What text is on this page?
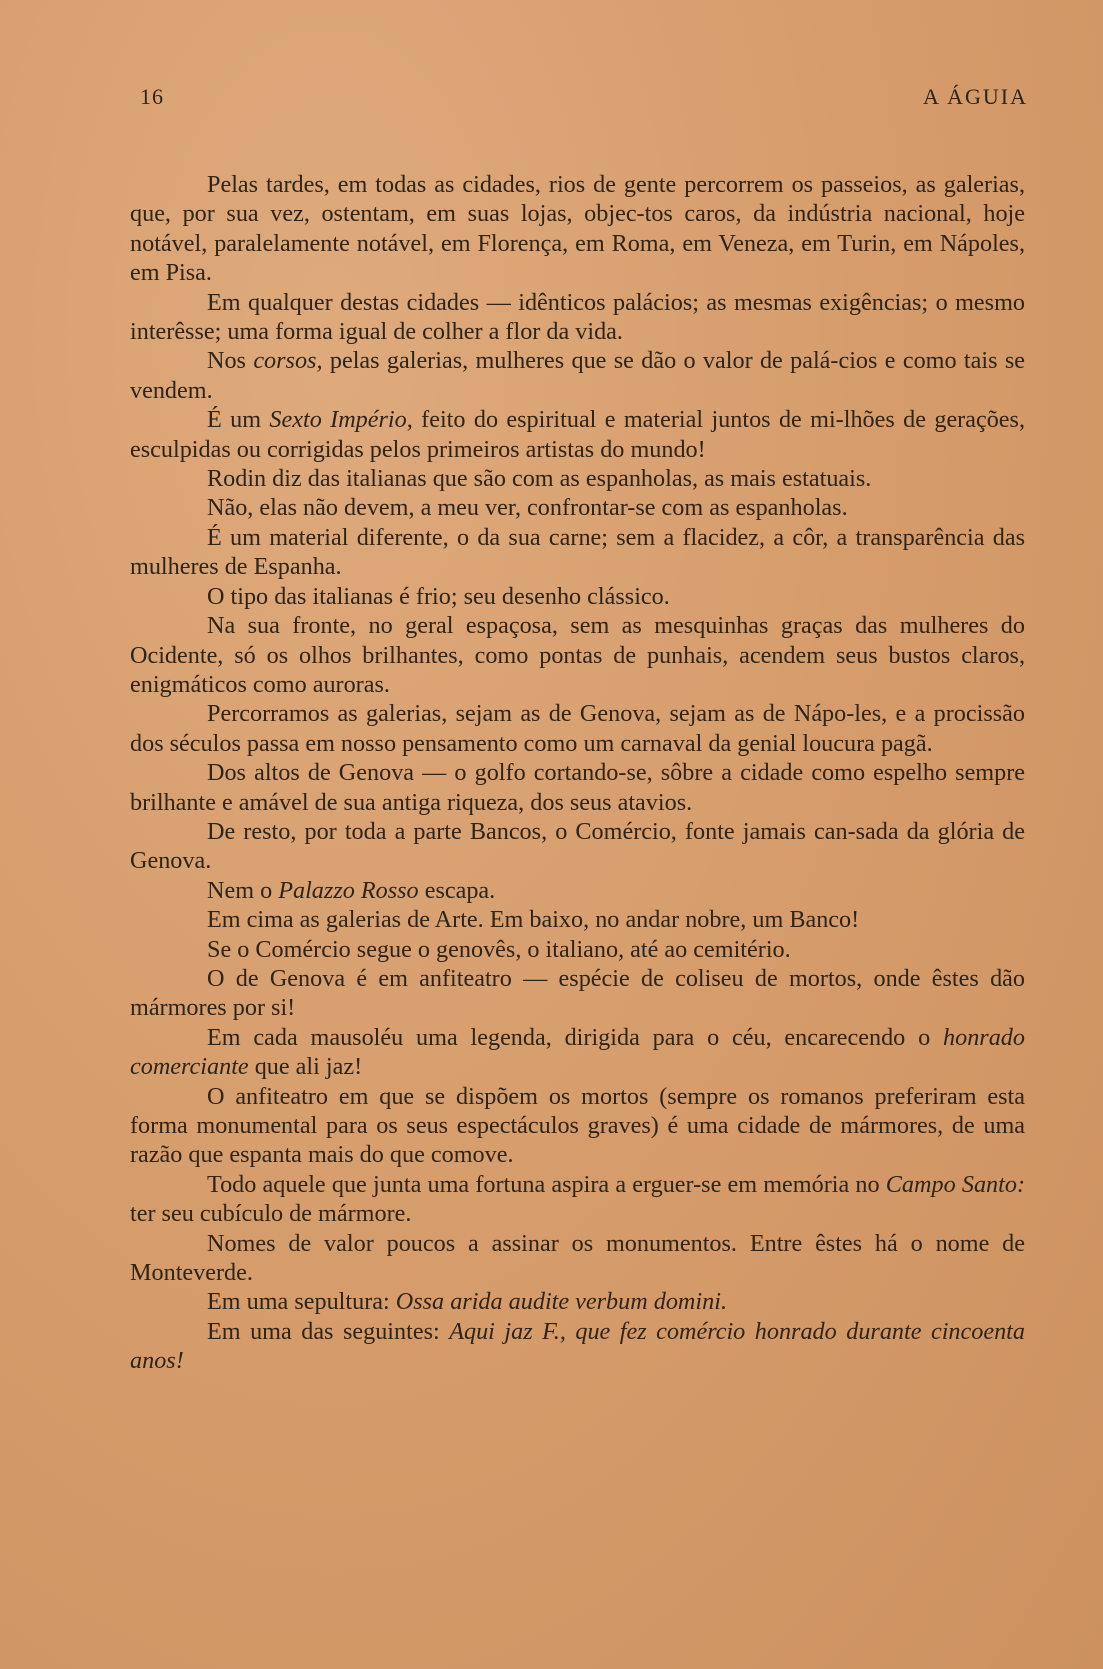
16	A ÁGUIA

Pelas tardes, em todas as cidades, rios de gente percorrem os passeios, as galerias, que, por sua vez, ostentam, em suas lojas, objec-tos caros, da indústria nacional, hoje notável, paralelamente notável, em Florença, em Roma, em Veneza, em Turin, em Nápoles, em Pisa.

Em qualquer destas cidades — idênticos palácios; as mesmas exigências; o mesmo interêsse; uma forma igual de colher a flor da vida.

Nos corsos, pelas galerias, mulheres que se dão o valor de palá-cios e como tais se vendem.

É um Sexto Império, feito do espiritual e material juntos de mi-lhões de gerações, esculpidas ou corrigidas pelos primeiros artistas do mundo!

Rodin diz das italianas que são com as espanholas, as mais estatuais.

Não, elas não devem, a meu ver, confrontar-se com as espanholas.

É um material diferente, o da sua carne; sem a flacidez, a côr, a transparência das mulheres de Espanha.

O tipo das italianas é frio; seu desenho clássico.

Na sua fronte, no geral espaçosa, sem as mesquinhas graças das mulheres do Ocidente, só os olhos brilhantes, como pontas de punhais, acendem seus bustos claros, enigmáticos como auroras.

Percorramos as galerias, sejam as de Genova, sejam as de Nápo-les, e a procissão dos séculos passa em nosso pensamento como um carnaval da genial loucura pagã.

Dos altos de Genova — o golfo cortando-se, sôbre a cidade como espelho sempre brilhante e amável de sua antiga riqueza, dos seus atavios.

De resto, por toda a parte Bancos, o Comércio, fonte jamais can-sada da glória de Genova.

Nem o Palazzo Rosso escapa.

Em cima as galerias de Arte. Em baixo, no andar nobre, um Banco!

Se o Comércio segue o genovês, o italiano, até ao cemitério.

O de Genova é em anfiteatro — espécie de coliseu de mortos, onde êstes dão mármores por si!

Em cada mausoléu uma legenda, dirigida para o céu, encarecendo o honrado comerciante que ali jaz!

O anfiteatro em que se dispõem os mortos (sempre os romanos preferiram esta forma monumental para os seus espectáculos graves) é uma cidade de mármores, de uma razão que espanta mais do que comove.

Todo aquele que junta uma fortuna aspira a erguer-se em memória no Campo Santo: ter seu cubículo de mármore.

Nomes de valor poucos a assinar os monumentos. Entre êstes há o nome de Monteverde.

Em uma sepultura: Ossa arida audite verbum domini.

Em uma das seguintes: Aqui jaz F., que fez comércio honrado durante cincoenta anos!
